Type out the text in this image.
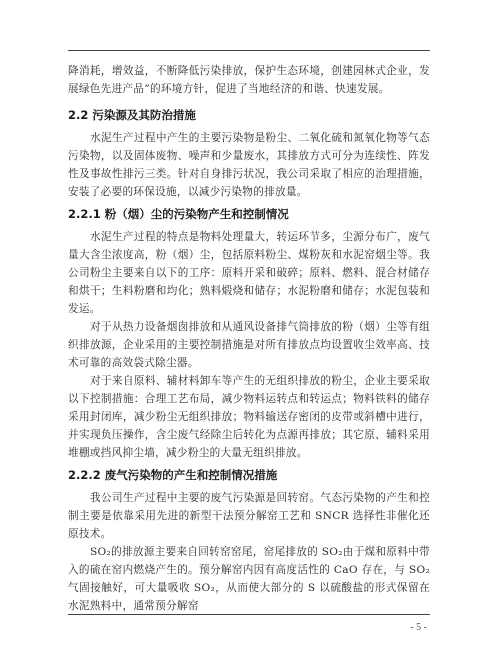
降消耗，增效益，不断降低污染排放，保护生态环境，创建园林式企业，发展绿色先进产品”的环境方针，促进了当地经济的和谐、快速发展。

2.2 污染源及其防治措施

水泥生产过程中产生的主要污染物是粉尘、二氧化硫和氮氧化物等气态污染物，以及固体废物、噪声和少量废水，其排放方式可分为连续性、阵发性及事故性排污三类。针对自身排污状况，我公司采取了相应的治理措施，安装了必要的环保设施，以减少污染物的排放量。

2.2.1 粉（烟）尘的污染物产生和控制情况

水泥生产过程的特点是物料处理量大，转运环节多，尘源分布广，废气量大含尘浓度高，粉（烟）尘，包括原料粉尘、煤粉灰和水泥窑烟尘等。我公司粉尘主要来自以下的工序：原料开采和破碎；原料、燃料、混合材储存和烘干；生料粉磨和均化；熟料煅烧和储存；水泥粉磨和储存；水泥包装和发运。

对于从热力设备烟囱排放和从通风设备排气筒排放的粉（烟）尘等有组织排放源，企业采用的主要控制措施是对所有排放点均设置收尘效率高、技术可靠的高效袋式除尘器。

对于来自原料、辅材料卸车等产生的无组织排放的粉尘，企业主要采取以下控制措施：合理工艺布局，减少物料运转点和转运点；物料铁料的储存采用封闭库，减少粉尘无组织排放；物料输送存密闭的皮带或斜槽中进行，并实现负压操作，含尘废气经除尘后转化为点源再排放；其它原、辅料采用堆棚或挡风抑尘墙，减少粉尘的大量无组织排放。

2.2.2 废气污染物的产生和控制情况措施

我公司生产过程中主要的废气污染源是回转窑。气态污染物的产生和控制主要是依靠采用先进的新型干法预分解窑工艺和 SNCR 选择性非催化还原技术。

SO₂的排放源主要来自回转窑窑尾，窑尾排放的 SO₂由于煤和原料中带入的硫在窑内燃烧产生的。预分解窑内因有高度活性的 CaO 存在，与 SO₂气固接触好，可大量吸收 SO₂，从而使大部分的 S 以硫酸盐的形式保留在水泥熟料中，通常预分解窑

- 5 -
